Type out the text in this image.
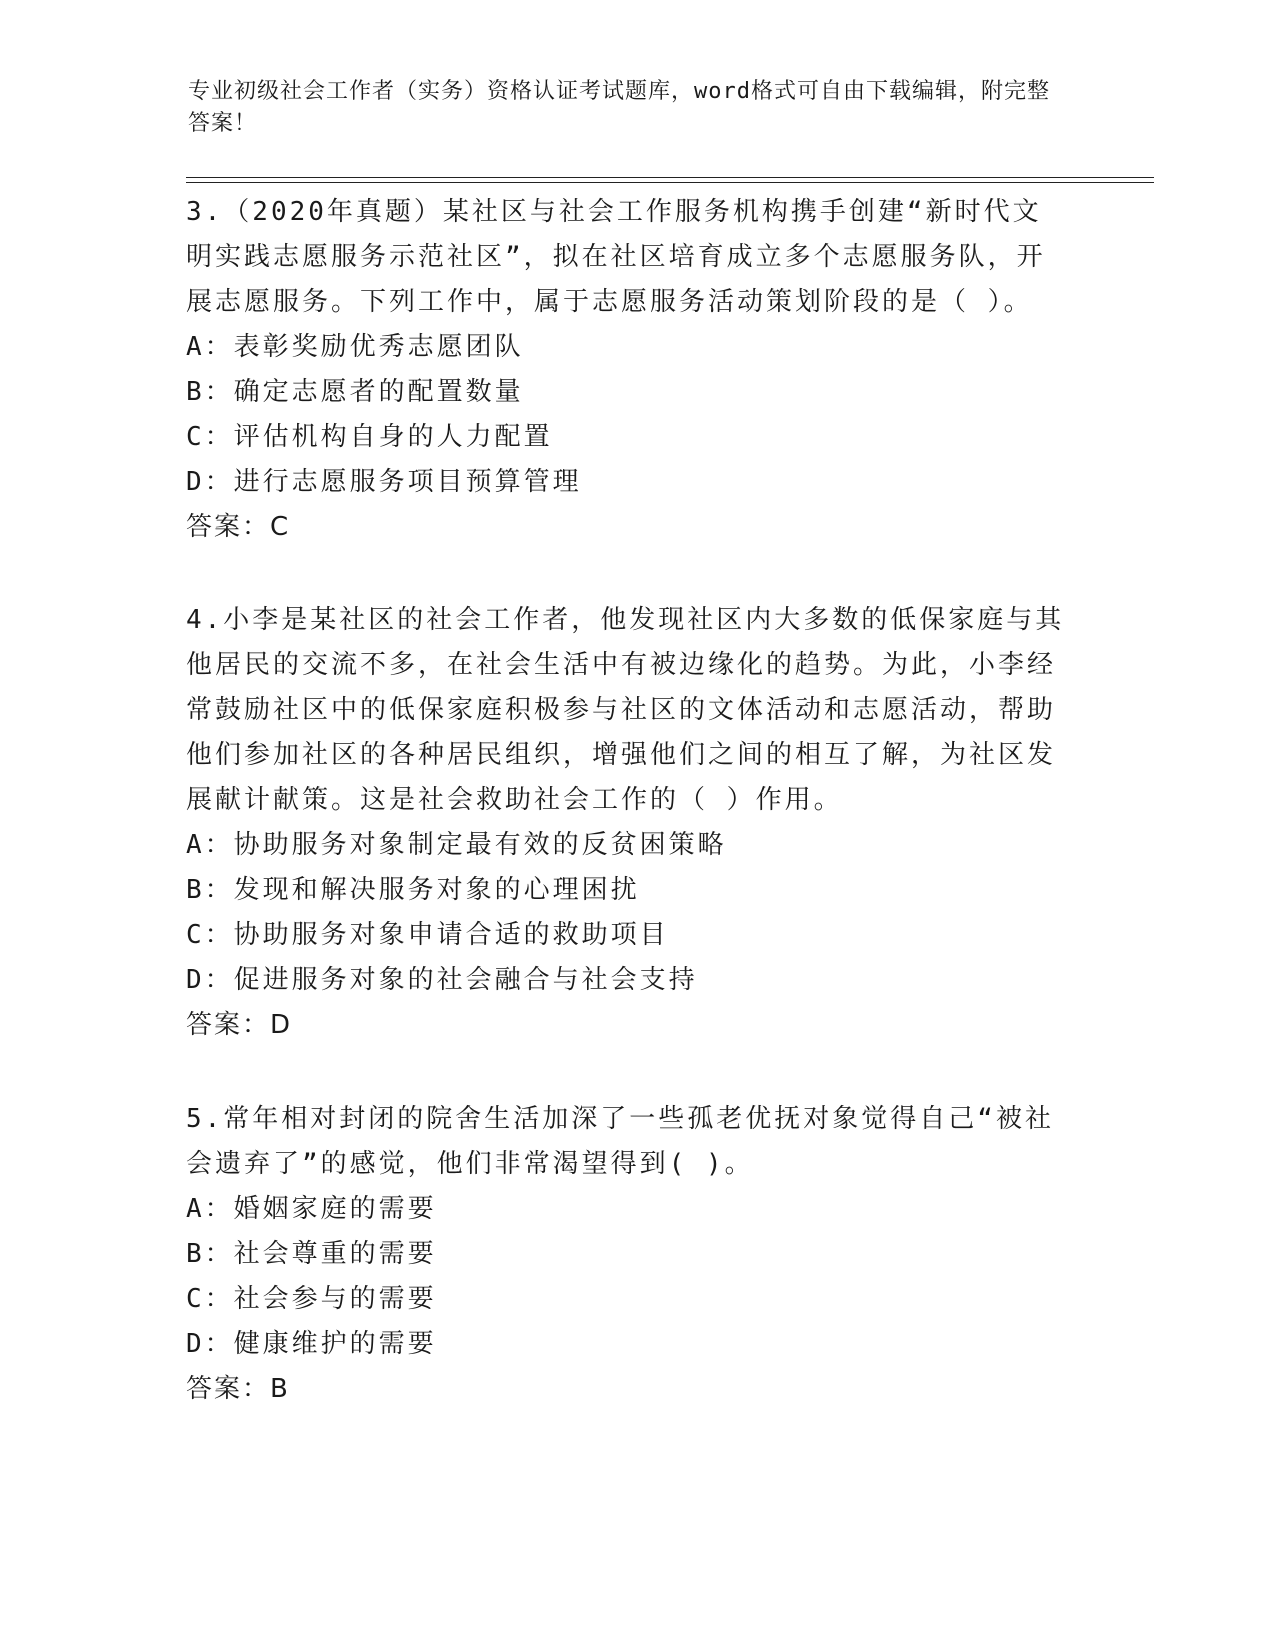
专业初级社会工作者（实务）资格认证考试题库，word格式可自由下载编辑，附完整答案！

3.（2020年真题）某社区与社会工作服务机构携手创建“新时代文明实践志愿服务示范社区”，拟在社区培育成立多个志愿服务队，开展志愿服务。下列工作中，属于志愿服务活动策划阶段的是（ ）。

A：表彰奖励优秀志愿团队

B：确定志愿者的配置数量

C：评估机构自身的人力配置

D：进行志愿服务项目预算管理

答案：C

4.小李是某社区的社会工作者，他发现社区内大多数的低保家庭与其他居民的交流不多，在社会生活中有被边缘化的趋势。为此，小李经常鼓励社区中的低保家庭积极参与社区的文体活动和志愿活动，帮助他们参加社区的各种居民组织，增强他们之间的相互了解，为社区发展献计献策。这是社会救助社会工作的（ ）作用。

A：协助服务对象制定最有效的反贫困策略

B：发现和解决服务对象的心理困扰

C：协助服务对象申请合适的救助项目

D：促进服务对象的社会融合与社会支持

答案：D

5.常年相对封闭的院舍生活加深了一些孤老优抚对象觉得自己“被社会遗弃了”的感觉，他们非常渴望得到( )。

A：婚姻家庭的需要

B：社会尊重的需要

C：社会参与的需要

D：健康维护的需要

答案：B
